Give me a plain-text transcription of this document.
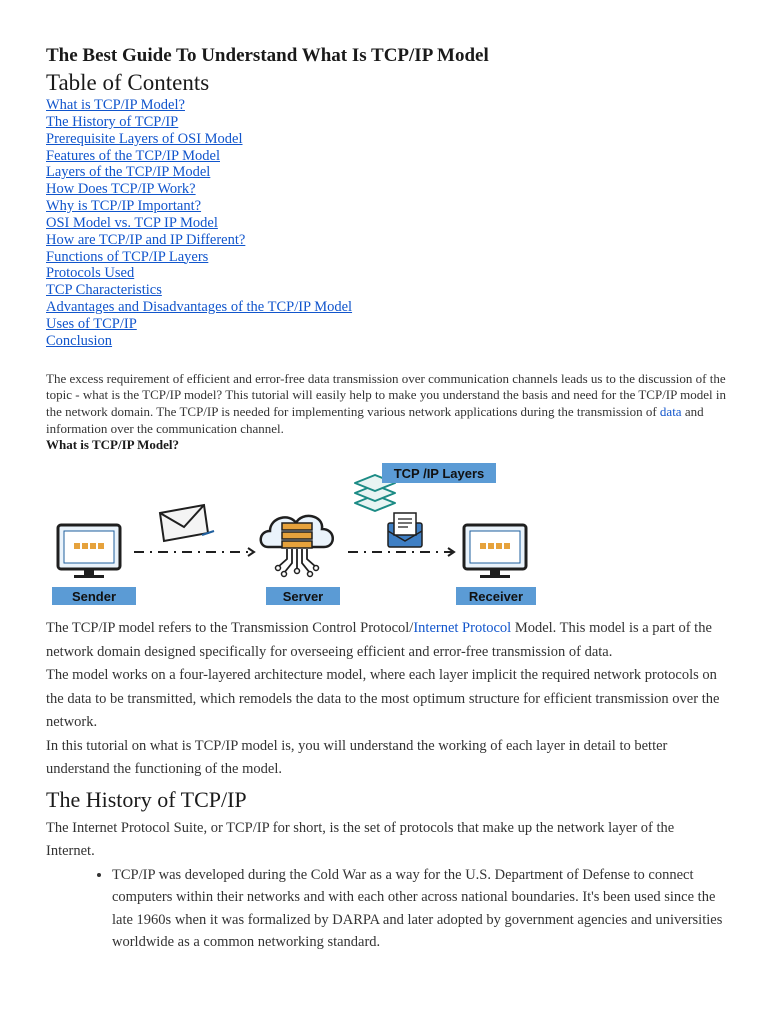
The Best Guide To Understand What Is TCP/IP Model
Table of Contents
What is TCP/IP Model?
The History of TCP/IP
Prerequisite Layers of OSI Model
Features of the TCP/IP Model
Layers of the TCP/IP Model
How Does TCP/IP Work?
Why is TCP/IP Important?
OSI Model vs. TCP IP Model
How are TCP/IP and IP Different?
Functions of TCP/IP Layers
Protocols Used
TCP Characteristics
Advantages and Disadvantages of the TCP/IP Model
Uses of TCP/IP
Conclusion

The excess requirement of efficient and error-free data transmission over communication channels leads us to the discussion of the topic - what is the TCP/IP model? This tutorial will easily help to make you understand the basis and need for the TCP/IP model in the network domain. The TCP/IP is needed for implementing various network applications during the transmission of data and information over the communication channel.

What is TCP/IP Model?
TCP /IP Layers
Sender	Server	Receiver

The TCP/IP model refers to the Transmission Control Protocol/Internet Protocol Model. This model is a part of the network domain designed specifically for overseeing efficient and error-free transmission of data.

The model works on a four-layered architecture model, where each layer implicit the required network protocols on the data to be transmitted, which remodels the data to the most optimum structure for efficient transmission over the network.

In this tutorial on what is TCP/IP model is, you will understand the working of each layer in detail to better understand the functioning of the model.

The History of TCP/IP

The Internet Protocol Suite, or TCP/IP for short, is the set of protocols that make up the network layer of the Internet.

• TCP/IP was developed during the Cold War as a way for the U.S. Department of Defense to connect computers within their networks and with each other across national boundaries. It's been used since the late 1960s when it was formalized by DARPA and later adopted by government agencies and universities worldwide as a common networking standard.
